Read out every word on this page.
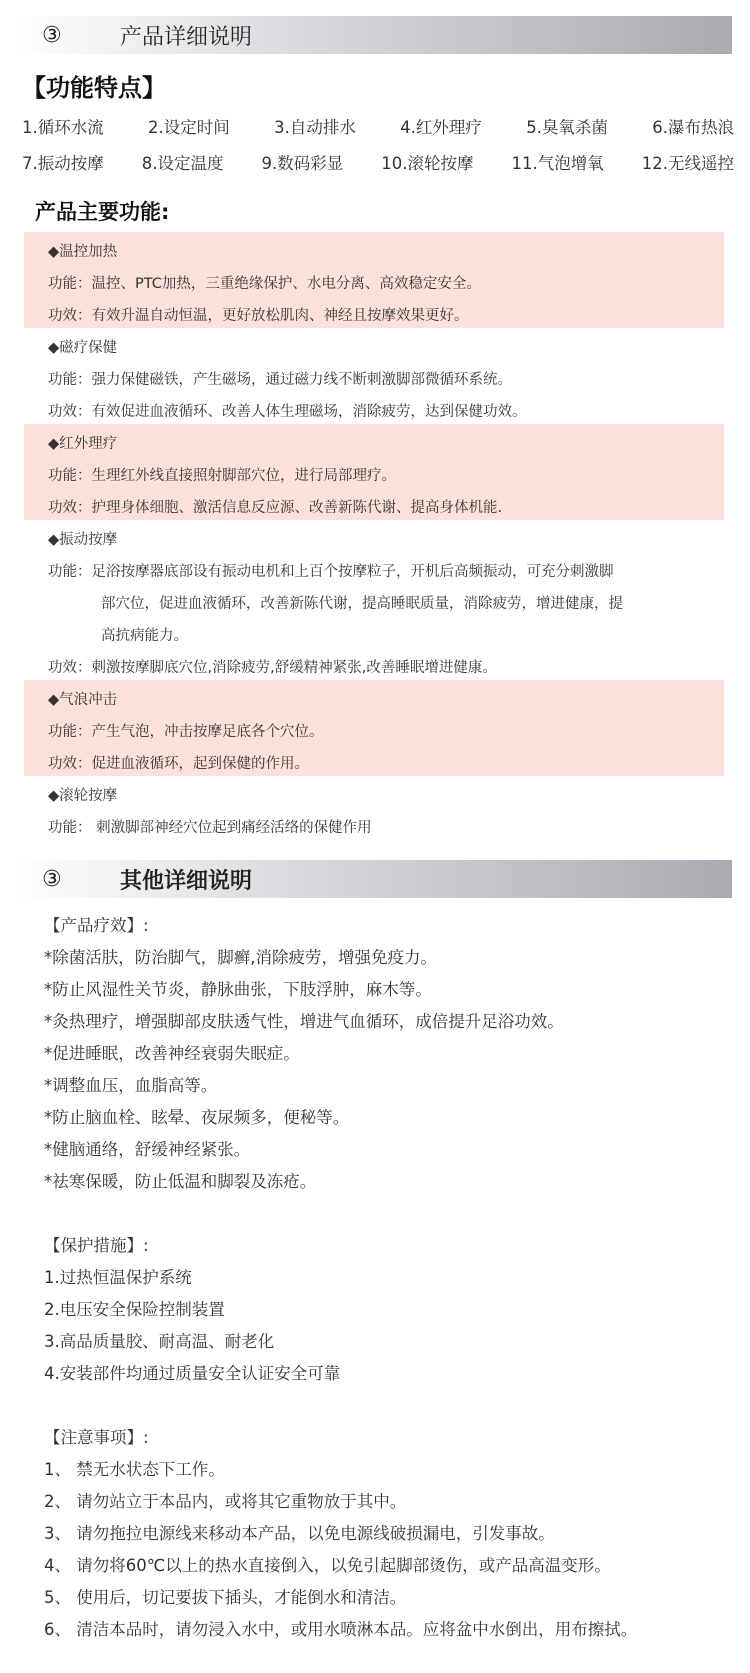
③	产品详细说明
【功能特点】
1.循环水流	2.设定时间	3.自动排水	4.红外理疗	5.臭氧杀菌	6.瀑布热浪
7.振动按摩 8.设定温度 9.数码彩显 10.滚轮按摩 11.气泡增氧 12.无线遥控
产品主要功能:
◆温控加热
功能：温控、PTC加热，三重绝缘保护、水电分离、高效稳定安全。
功效：有效升温自动恒温，更好放松肌肉、神经且按摩效果更好。
◆磁疗保健
功能：强力保健磁铁，产生磁场，通过磁力线不断刺激脚部微循环系统。
功效：有效促进血液循环、改善人体生理磁场，消除疲劳，达到保健功效。
◆红外理疗
功能：生理红外线直接照射脚部穴位，进行局部理疗。
功效：护理身体细胞、激活信息反应源、改善新陈代谢、提高身体机能.
◆振动按摩
功能：足浴按摩器底部设有振动电机和上百个按摩粒子，开机后高频振动，可充分刺激脚
部穴位，促进血液循环，改善新陈代谢，提高睡眠质量，消除疲劳，增进健康，提
高抗病能力。
功效：刺激按摩脚底穴位,消除疲劳,舒缓精神紧张,改善睡眠增进健康。
◆气浪冲击
功能：产生气泡，冲击按摩足底各个穴位。
功效：促进血液循环，起到保健的作用。
◆滚轮按摩
功能： 刺激脚部神经穴位起到痛经活络的保健作用
③	其他详细说明
【产品疗效】:
*除菌活肤，防治脚气，脚癣,消除疲劳，增强免疫力。
*防止风湿性关节炎，静脉曲张，下肢浮肿，麻木等。
*灸热理疗，增强脚部皮肤透气性，增进气血循环，成倍提升足浴功效。
*促进睡眠，改善神经衰弱失眠症。
*调整血压，血脂高等。
*防止脑血栓、眩晕、夜尿频多，便秘等。
*健脑通络，舒缓神经紧张。
*祛寒保暖，防止低温和脚裂及冻疮。
【保护措施】:
1.过热恒温保护系统
2.电压安全保险控制装置
3.高品质量胶、耐高温、耐老化
4.安装部件均通过质量安全认证安全可靠
【注意事项】:
1、 禁无水状态下工作。
2、 请勿站立于本品内，或将其它重物放于其中。
3、 请勿拖拉电源线来移动本产品，以免电源线破损漏电，引发事故。
4、 请勿将60℃以上的热水直接倒入，以免引起脚部烫伤，或产品高温变形。
5、 使用后，切记要拔下插头，才能倒水和清洁。
6、 清洁本品时，请勿浸入水中，或用水喷淋本品。应将盆中水倒出，用布擦拭。
